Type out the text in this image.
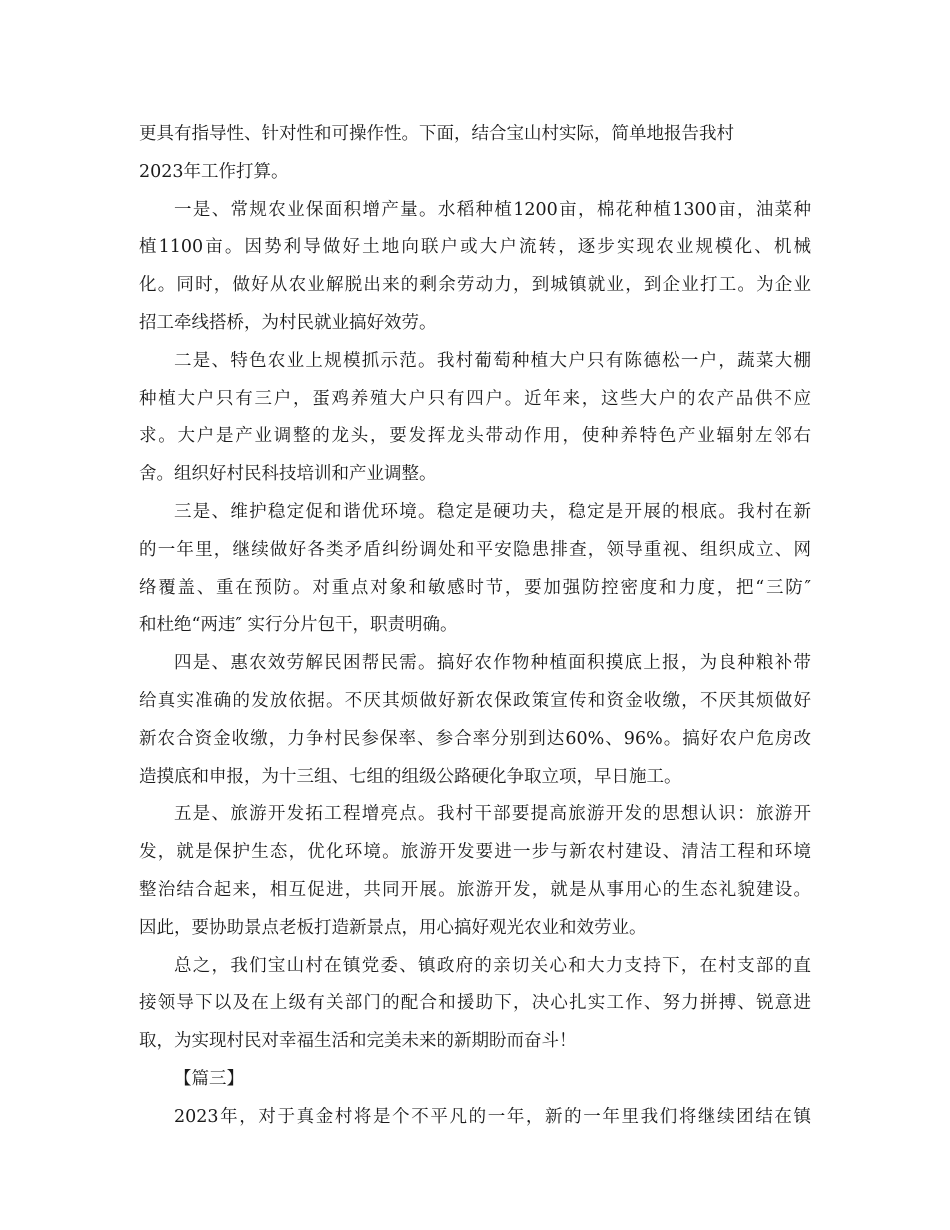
更具有指导性、针对性和可操作性。下面，结合宝山村实际，简单地报告我村
2023年工作打算。
一是、常规农业保面积增产量。水稻种植1200亩，棉花种植1300亩，油菜种
植1100亩。因势利导做好土地向联户或大户流转，逐步实现农业规模化、机械
化。同时，做好从农业解脱出来的剩余劳动力，到城镇就业，到企业打工。为企业
招工牵线搭桥，为村民就业搞好效劳。
二是、特色农业上规模抓示范。我村葡萄种植大户只有陈德松一户，蔬菜大棚
种植大户只有三户，蛋鸡养殖大户只有四户。近年来，这些大户的农产品供不应
求。大户是产业调整的龙头，要发挥龙头带动作用，使种养特色产业辐射左邻右
舍。组织好村民科技培训和产业调整。
三是、维护稳定促和谐优环境。稳定是硬功夫，稳定是开展的根底。我村在新
的一年里，继续做好各类矛盾纠纷调处和平安隐患排查，领导重视、组织成立、网
络覆盖、重在预防。对重点对象和敏感时节，要加强防控密度和力度，把“三防″
和杜绝“两违″ 实行分片包干，职责明确。
四是、惠农效劳解民困帮民需。搞好农作物种植面积摸底上报，为良种粮补带
给真实准确的发放依据。不厌其烦做好新农保政策宣传和资金收缴，不厌其烦做好
新农合资金收缴，力争村民参保率、参合率分别到达60%、96%。搞好农户危房改
造摸底和申报，为十三组、七组的组级公路硬化争取立项，早日施工。
五是、旅游开发拓工程增亮点。我村干部要提高旅游开发的思想认识：旅游开
发，就是保护生态，优化环境。旅游开发要进一步与新农村建设、清洁工程和环境
整治结合起来，相互促进，共同开展。旅游开发，就是从事用心的生态礼貌建设。
因此，要协助景点老板打造新景点，用心搞好观光农业和效劳业。
总之，我们宝山村在镇党委、镇政府的亲切关心和大力支持下，在村支部的直
接领导下以及在上级有关部门的配合和援助下，决心扎实工作、努力拼搏、锐意进
取，为实现村民对幸福生活和完美未来的新期盼而奋斗！
【篇三】
2023年，对于真金村将是个不平凡的一年，新的一年里我们将继续团结在镇
